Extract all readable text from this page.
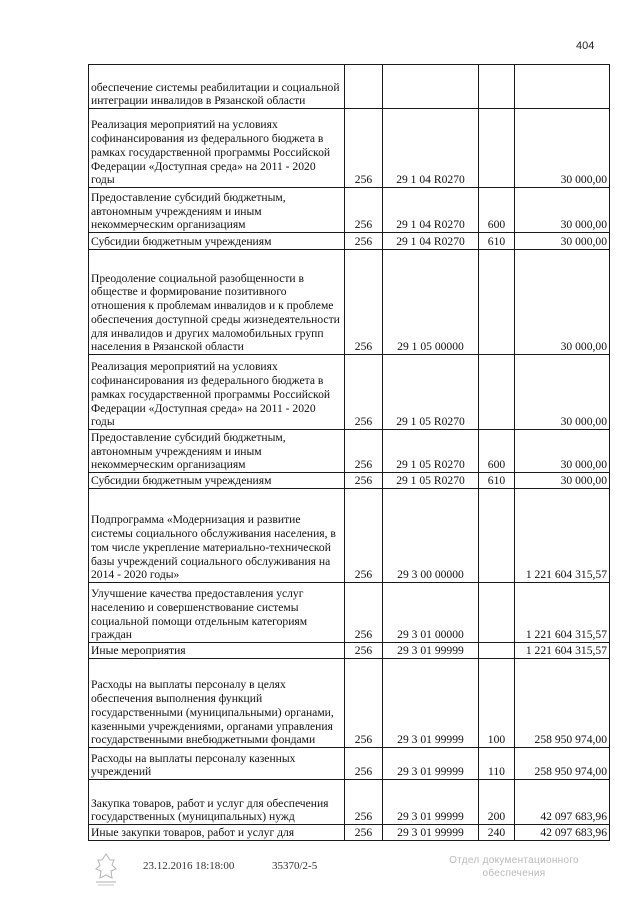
404
обеспечение системы реабилитации и социальной интеграции инвалидов в Рязанской области				
Реализация мероприятий на условиях софинансирования из федерального бюджета в рамках государственной программы Российской Федерации «Доступная среда» на 2011 - 2020 годы	256	29 1 04 R0270		30 000,00
Предоставление субсидий бюджетным, автономным учреждениям и иным некоммерческим организациям	256	29 1 04 R0270	600	30 000,00
Субсидии бюджетным учреждениям	256	29 1 04 R0270	610	30 000,00
Преодоление социальной разобщенности в обществе и формирование позитивного отношения к проблемам инвалидов и к проблеме обеспечения доступной среды жизнедеятельности для инвалидов и других маломобильных групп населения в Рязанской области	256	29 1 05 00000		30 000,00
Реализация мероприятий на условиях софинансирования из федерального бюджета в рамках государственной программы Российской Федерации «Доступная среда» на 2011 - 2020 годы	256	29 1 05 R0270		30 000,00
Предоставление субсидий бюджетным, автономным учреждениям и иным некоммерческим организациям	256	29 1 05 R0270	600	30 000,00
Субсидии бюджетным учреждениям	256	29 1 05 R0270	610	30 000,00
Подпрограмма «Модернизация и развитие системы социального обслуживания населения, в том числе укрепление материально-технической базы учреждений социального обслуживания на 2014 - 2020 годы»	256	29 3 00 00000		1 221 604 315,57
Улучшение качества предоставления услуг населению и совершенствование системы социальной помощи отдельным категориям граждан	256	29 3 01 00000		1 221 604 315,57
Иные мероприятия	256	29 3 01 99999		1 221 604 315,57
Расходы на выплаты персоналу в целях обеспечения выполнения функций государственными (муниципальными) органами, казенными учреждениями, органами управления государственными внебюджетными фондами	256	29 3 01 99999	100	258 950 974,00
Расходы на выплаты персоналу казенных учреждений	256	29 3 01 99999	110	258 950 974,00
Закупка товаров, работ и услуг для обеспечения государственных (муниципальных) нужд	256	29 3 01 99999	200	42 097 683,96
Иные закупки товаров, работ и услуг для	256	29 3 01 99999	240	42 097 683,96
23.12.2016 18:18:00	35370/2-5	Отдел документационного
обеспечения
